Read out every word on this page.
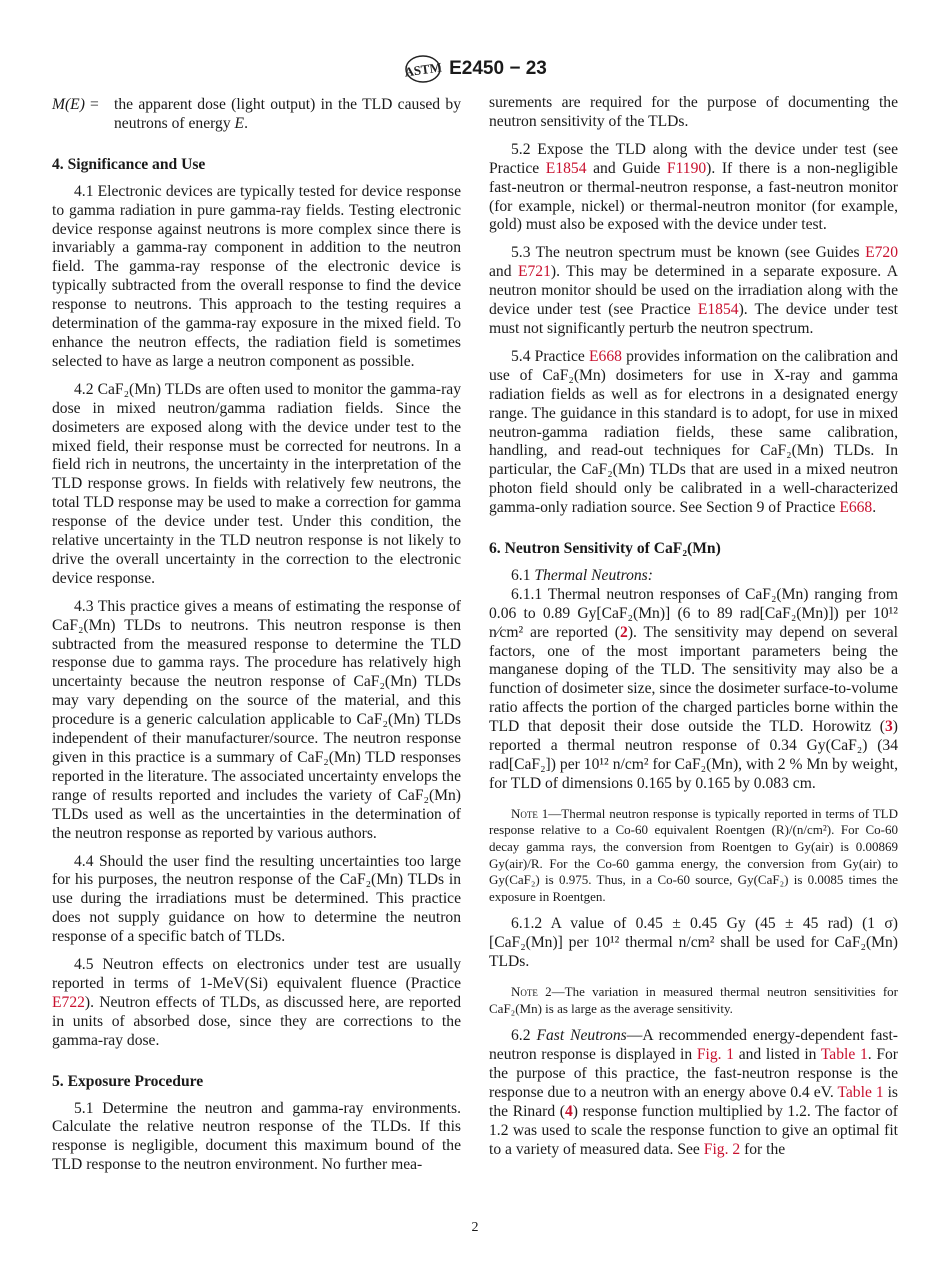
ASTM E2450 − 23
M(E) = the apparent dose (light output) in the TLD caused by neutrons of energy E.
4. Significance and Use

4.1 Electronic devices are typically tested for device response to gamma radiation in pure gamma-ray fields. Testing electronic device response against neutrons is more complex since there is invariably a gamma-ray component in addition to the neutron field. The gamma-ray response of the electronic device is typically subtracted from the overall response to find the device response to neutrons. This approach to the testing requires a determination of the gamma-ray exposure in the mixed field. To enhance the neutron effects, the radiation field is sometimes selected to have as large a neutron component as possible.

4.2 CaF₂(Mn) TLDs are often used to monitor the gamma-ray dose in mixed neutron/gamma radiation fields. Since the dosimeters are exposed along with the device under test to the mixed field, their response must be corrected for neutrons. In a field rich in neutrons, the uncertainty in the interpretation of the TLD response grows. In fields with relatively few neutrons, the total TLD response may be used to make a correction for gamma response of the device under test. Under this condition, the relative uncertainty in the TLD neutron response is not likely to drive the overall uncertainty in the correction to the electronic device response.

4.3 This practice gives a means of estimating the response of CaF₂(Mn) TLDs to neutrons. This neutron response is then subtracted from the measured response to determine the TLD response due to gamma rays. The procedure has relatively high uncertainty because the neutron response of CaF₂(Mn) TLDs may vary depending on the source of the material, and this procedure is a generic calculation applicable to CaF₂(Mn) TLDs independent of their manufacturer/source. The neutron response given in this practice is a summary of CaF₂(Mn) TLD responses reported in the literature. The associated uncertainty envelops the range of results reported and includes the variety of CaF₂(Mn) TLDs used as well as the uncertainties in the determination of the neutron response as reported by various authors.

4.4 Should the user find the resulting uncertainties too large for his purposes, the neutron response of the CaF₂(Mn) TLDs in use during the irradiations must be determined. This practice does not supply guidance on how to determine the neutron response of a specific batch of TLDs.

4.5 Neutron effects on electronics under test are usually reported in terms of 1-MeV(Si) equivalent fluence (Practice E722). Neutron effects of TLDs, as discussed here, are reported in units of absorbed dose, since they are corrections to the gamma-ray dose.

5. Exposure Procedure

5.1 Determine the neutron and gamma-ray environments. Calculate the relative neutron response of the TLDs. If this response is negligible, document this maximum bound of the TLD response to the neutron environment. No further mea-

surements are required for the purpose of documenting the neutron sensitivity of the TLDs.

5.2 Expose the TLD along with the device under test (see Practice E1854 and Guide F1190). If there is a non-negligible fast-neutron or thermal-neutron response, a fast-neutron monitor (for example, nickel) or thermal-neutron monitor (for example, gold) must also be exposed with the device under test.

5.3 The neutron spectrum must be known (see Guides E720 and E721). This may be determined in a separate exposure. A neutron monitor should be used on the irradiation along with the device under test (see Practice E1854). The device under test must not significantly perturb the neutron spectrum.

5.4 Practice E668 provides information on the calibration and use of CaF₂(Mn) dosimeters for use in X-ray and gamma radiation fields as well as for electrons in a designated energy range. The guidance in this standard is to adopt, for use in mixed neutron-gamma radiation fields, these same calibration, handling, and read-out techniques for CaF₂(Mn) TLDs. In particular, the CaF₂(Mn) TLDs that are used in a mixed neutron photon field should only be calibrated in a well-characterized gamma-only radiation source. See Section 9 of Practice E668.

6. Neutron Sensitivity of CaF₂(Mn)

6.1 Thermal Neutrons:

6.1.1 Thermal neutron responses of CaF₂(Mn) ranging from 0.06 to 0.89 Gy[CaF₂(Mn)] (6 to 89 rad[CaF₂(Mn)]) per 10¹² n⁄cm² are reported (2). The sensitivity may depend on several factors, one of the most important parameters being the manganese doping of the TLD. The sensitivity may also be a function of dosimeter size, since the dosimeter surface-to-volume ratio affects the portion of the charged particles borne within the TLD that deposit their dose outside the TLD. Horowitz (3) reported a thermal neutron response of 0.34 Gy(CaF₂) (34 rad[CaF₂]) per 10¹² n/cm² for CaF₂(Mn), with 2 % Mn by weight, for TLD of dimensions 0.165 by 0.165 by 0.083 cm.

Note 1—Thermal neutron response is typically reported in terms of TLD response relative to a Co-60 equivalent Roentgen (R)/(n/cm²). For Co-60 decay gamma rays, the conversion from Roentgen to Gy(air) is 0.00869 Gy(air)/R. For the Co-60 gamma energy, the conversion from Gy(air) to Gy(CaF₂) is 0.975. Thus, in a Co-60 source, Gy(CaF₂) is 0.0085 times the exposure in Roentgen.

6.1.2 A value of 0.45 ± 0.45 Gy (45 ± 45 rad) (1 σ) [CaF₂(Mn)] per 10¹² thermal n/cm² shall be used for CaF₂(Mn) TLDs.

Note 2—The variation in measured thermal neutron sensitivities for CaF₂(Mn) is as large as the average sensitivity.

6.2 Fast Neutrons—A recommended energy-dependent fast-neutron response is displayed in Fig. 1 and listed in Table 1. For the purpose of this practice, the fast-neutron response is the response due to a neutron with an energy above 0.4 eV. Table 1 is the Rinard (4) response function multiplied by 1.2. The factor of 1.2 was used to scale the response function to give an optimal fit to a variety of measured data. See Fig. 2 for the

2
